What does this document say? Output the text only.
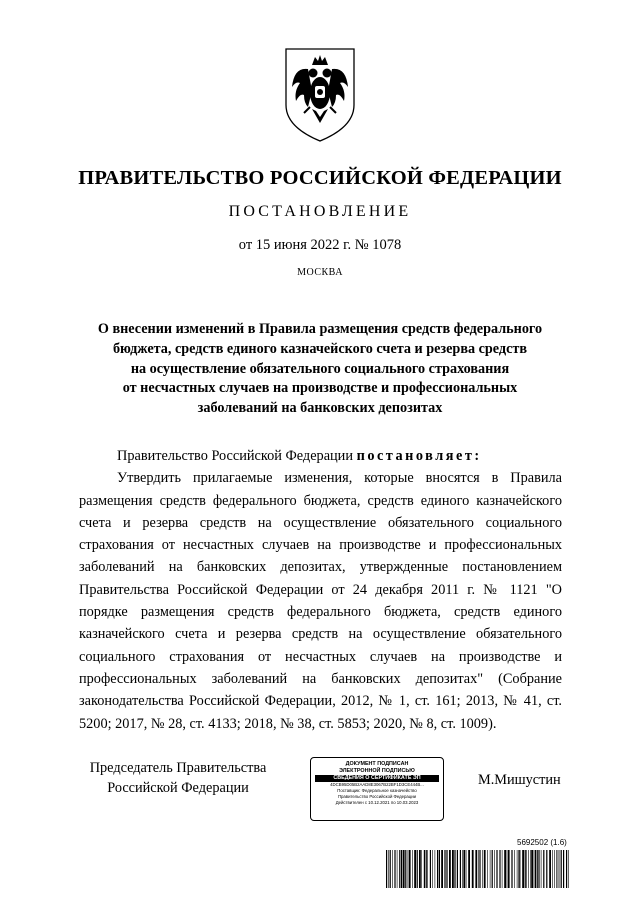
ПРАВИТЕЛЬСТВО РОССИЙСКОЙ ФЕДЕРАЦИИ
ПОСТАНОВЛЕНИЕ
от 15 июня 2022 г. № 1078
МОСКВА
О внесении изменений в Правила размещения средств федерального
бюджета, средств единого казначейского счета и резерва средств
на осуществление обязательного социального страхования
от несчастных случаев на производстве и профессиональных
заболеваний на банковских депозитах

Правительство Российской Федерации постановляет:

Утвердить прилагаемые изменения, которые вносятся в Правила размещения средств федерального бюджета, средств единого казначейского счета и резерва средств на осуществление обязательного социального страхования от несчастных случаев на производстве и профессиональных заболеваний на банковских депозитах, утвержденные постановлением Правительства Российской Федерации от 24 декабря 2011 г. № 1121 "О порядке размещения средств федерального бюджета, средств единого казначейского счета и резерва средств на осуществление обязательного социального страхования от несчастных случаев на производстве и профессиональных заболеваний на банковских депозитах" (Собрание законодательства Российской Федерации, 2012, № 1, ст. 161; 2013, № 41, ст. 5200; 2017, № 28, ст. 4133; 2018, № 38, ст. 5853; 2020, № 8, ст. 1009).

Председатель Правительства
Российской Федерации
ДОКУМЕНТ ПОДПИСАН
ЭЛЕКТРОННОЙ ПОДПИСЬЮ
СВЕДЕНИЯ О СЕРТИФИКАТЕ ЭП
4DCB95D05B2AAD8E3067B22BF1D3CE444B...
Поставщик: Федеральное казначейство
Правительство Российской Федерации
Действителен с 10.12.2021 по 10.03.2023
М.Мишустин
5692502 (1.6)
